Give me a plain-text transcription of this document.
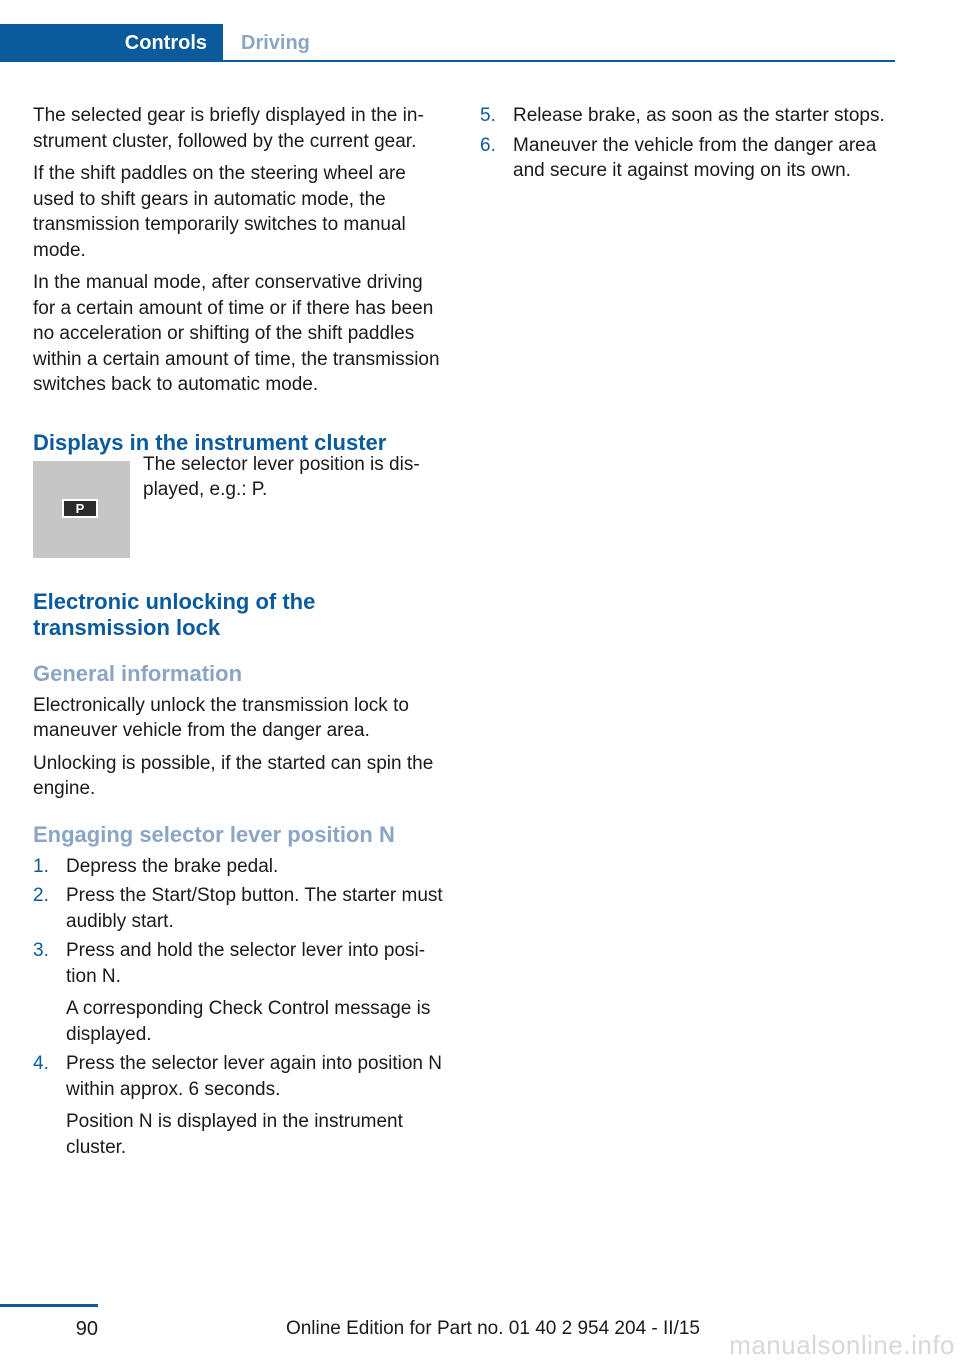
Controls	Driving

The selected gear is briefly displayed in the instrument cluster, followed by the current gear.

If the shift paddles on the steering wheel are used to shift gears in automatic mode, the transmission temporarily switches to manual mode.

In the manual mode, after conservative driving for a certain amount of time or if there has been no acceleration or shifting of the shift paddles within a certain amount of time, the transmission switches back to automatic mode.

Displays in the instrument cluster
P

The selector lever position is displayed, e.g.: P.

Electronic unlocking of the transmission lock
General information

Electronically unlock the transmission lock to maneuver vehicle from the danger area.

Unlocking is possible, if the started can spin the engine.

Engaging selector lever position N
1. Depress the brake pedal.
2. Press the Start/Stop button. The starter must audibly start.
3. Press and hold the selector lever into position N.
A corresponding Check Control message is displayed.
4. Press the selector lever again into position N within approx. 6 seconds.
Position N is displayed in the instrument cluster.
5. Release brake, as soon as the starter stops.
6. Maneuver the vehicle from the danger area and secure it against moving on its own.
90	Online Edition for Part no. 01 40 2 954 204 - II/15
manualsonline.info
